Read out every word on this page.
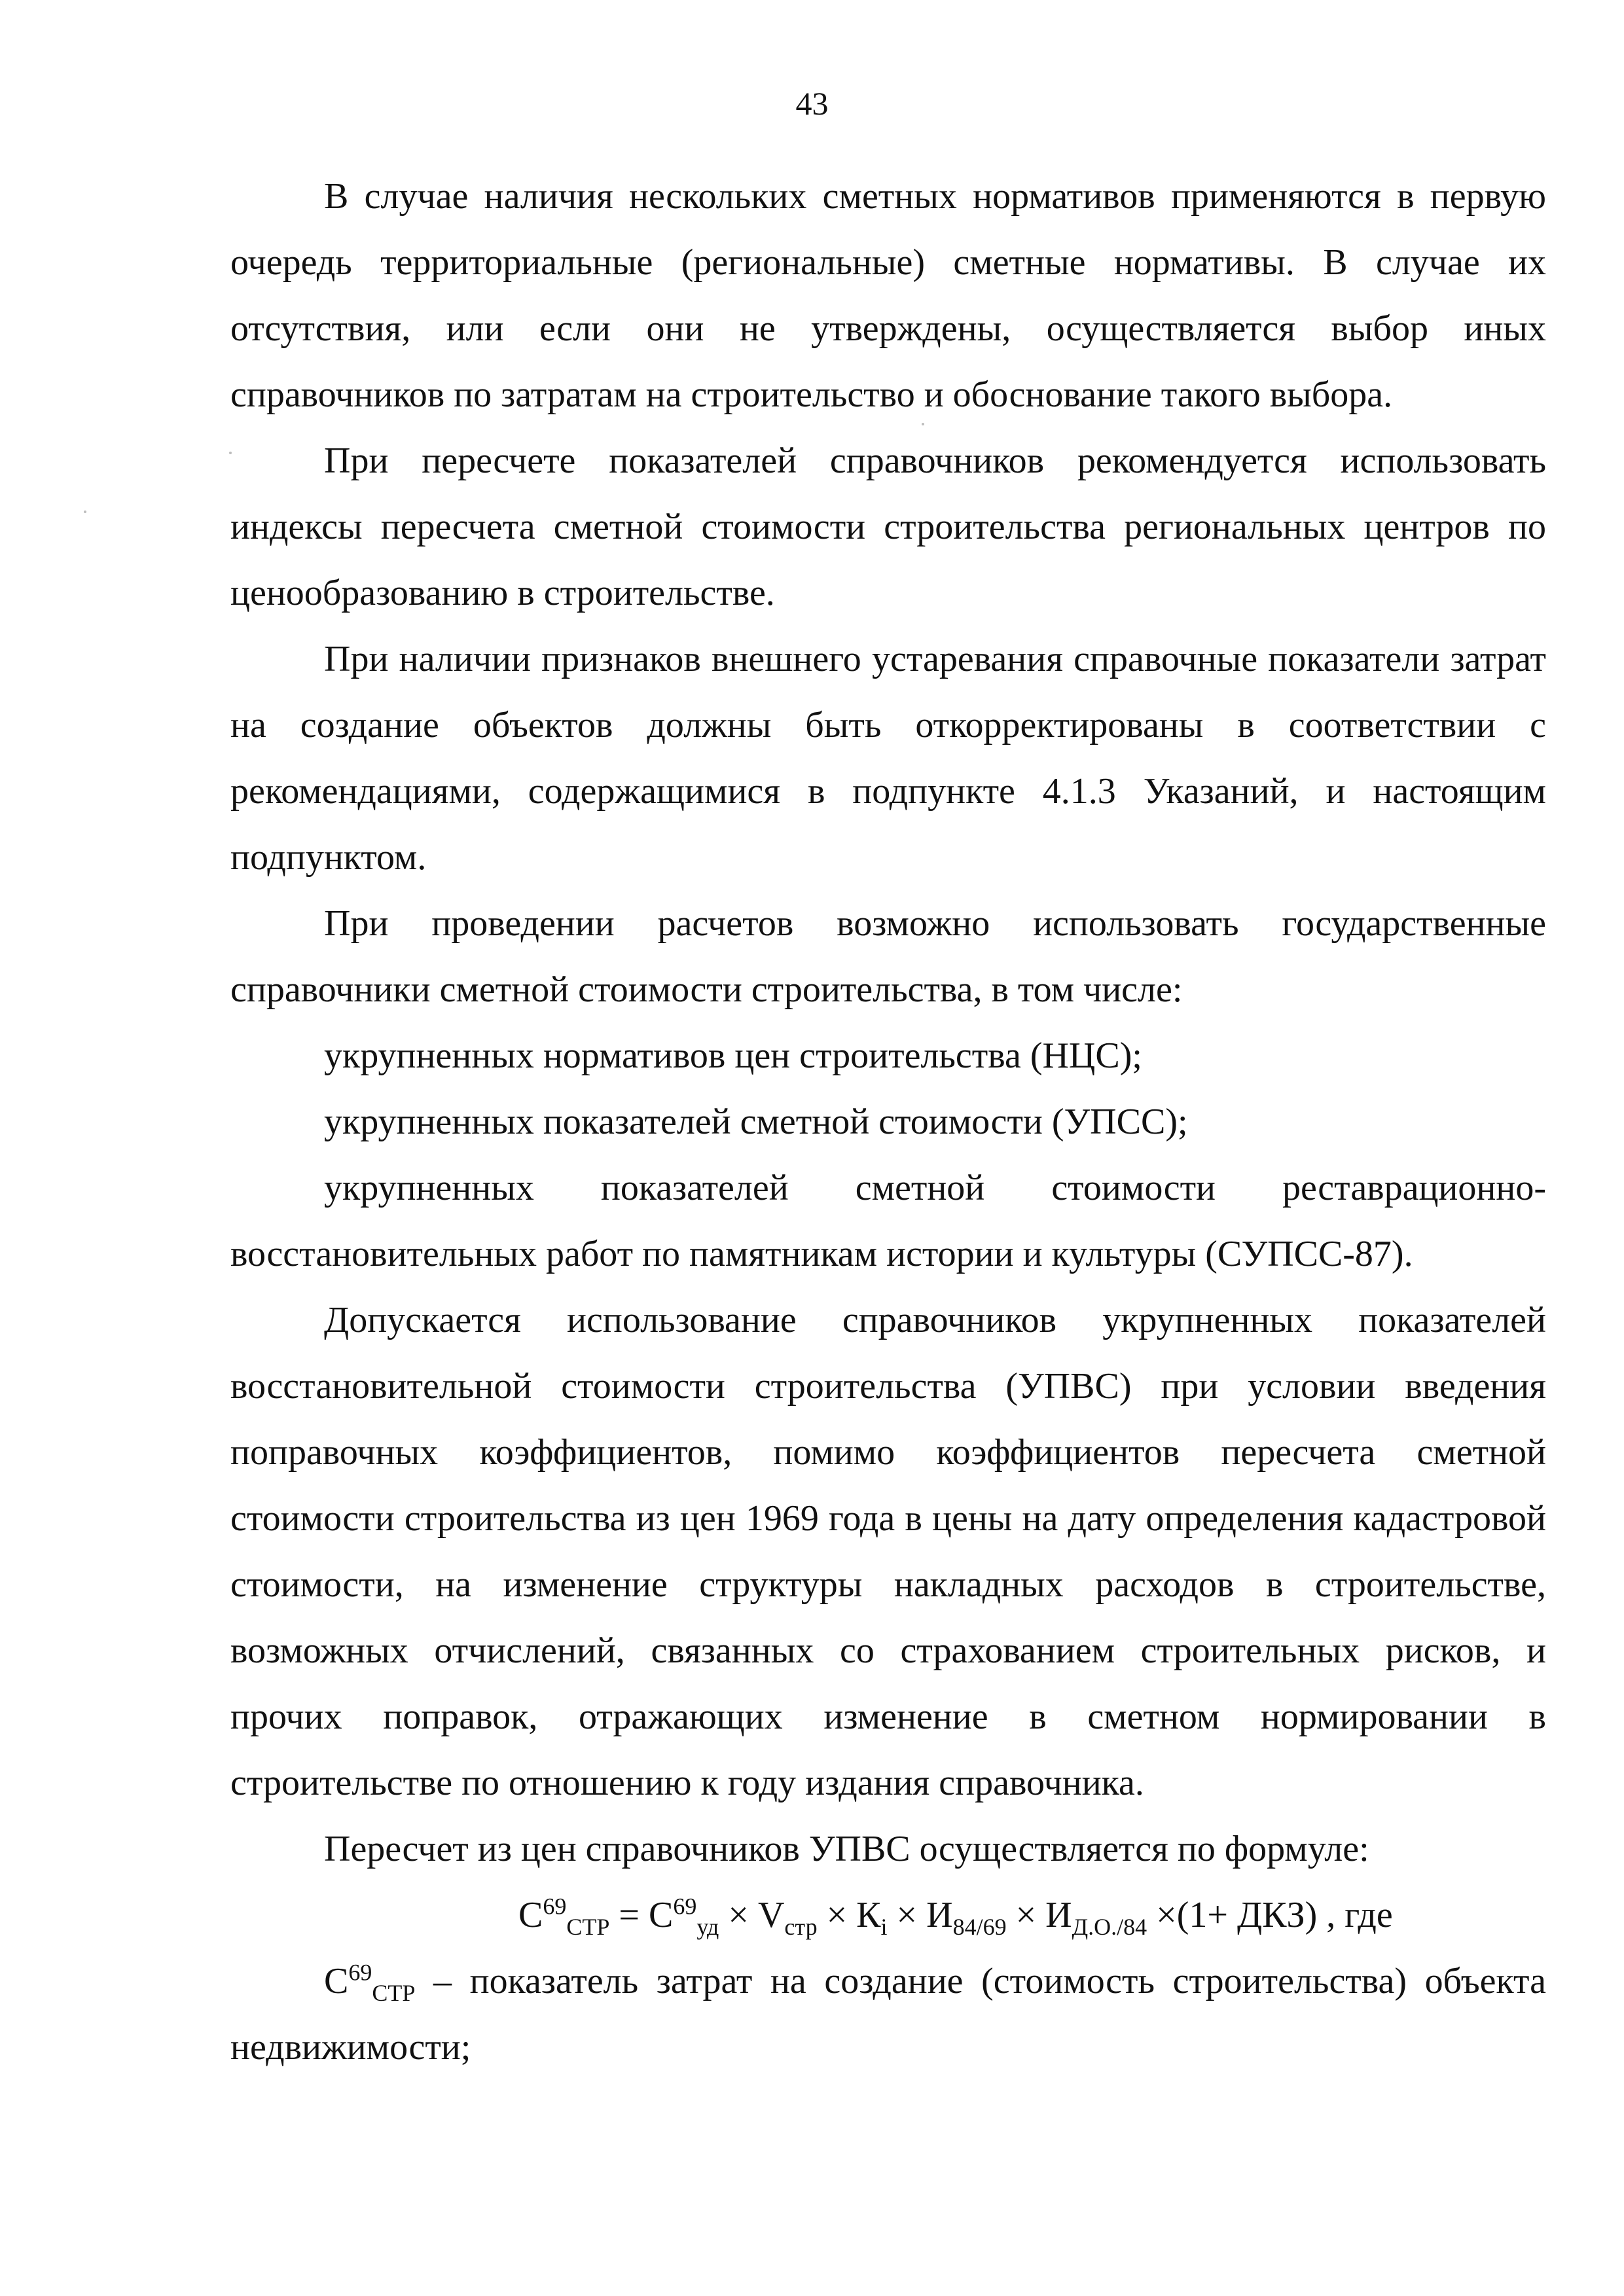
43

В случае наличия нескольких сметных нормативов применяются в первую очередь территориальные (региональные) сметные нормативы. В случае их отсутствия, или если они не утверждены, осуществляется выбор иных справочников по затратам на строительство и обоснование такого выбора.

При пересчете показателей справочников рекомендуется использовать индексы пересчета сметной стоимости строительства региональных центров по ценообразованию в строительстве.

При наличии признаков внешнего устаревания справочные показатели затрат на создание объектов должны быть откорректированы в соответствии с рекомендациями, содержащимися в подпункте 4.1.3 Указаний, и настоящим подпунктом.

При проведении расчетов возможно использовать государственные справочники сметной стоимости строительства, в том числе:

укрупненных нормативов цен строительства (НЦС);

укрупненных показателей сметной стоимости (УПСС);

укрупненных показателей сметной стоимости реставрационно-восстановительных работ по памятникам истории и культуры (СУПСС-87).

Допускается использование справочников укрупненных показателей восстановительной стоимости строительства (УПВС) при условии введения поправочных коэффициентов, помимо коэффициентов пересчета сметной стоимости строительства из цен 1969 года в цены на дату определения кадастровой стоимости, на изменение структуры накладных расходов в строительстве, возможных отчислений, связанных со страхованием строительных рисков, и прочих поправок, отражающих изменение в сметном нормировании в строительстве по отношению к году издания справочника.

Пересчет из цен справочников УПВС осуществляется по формуле:

$С^{69}_{СТР} = С^{69}_{уд} \times V_{стр} \times К_i \times И_{84/69} \times И_{Д.О./84} \times(1+ ДКЗ)$ , где

$С^{69}_{СТР}$ – показатель затрат на создание (стоимость строительства) объекта недвижимости;
